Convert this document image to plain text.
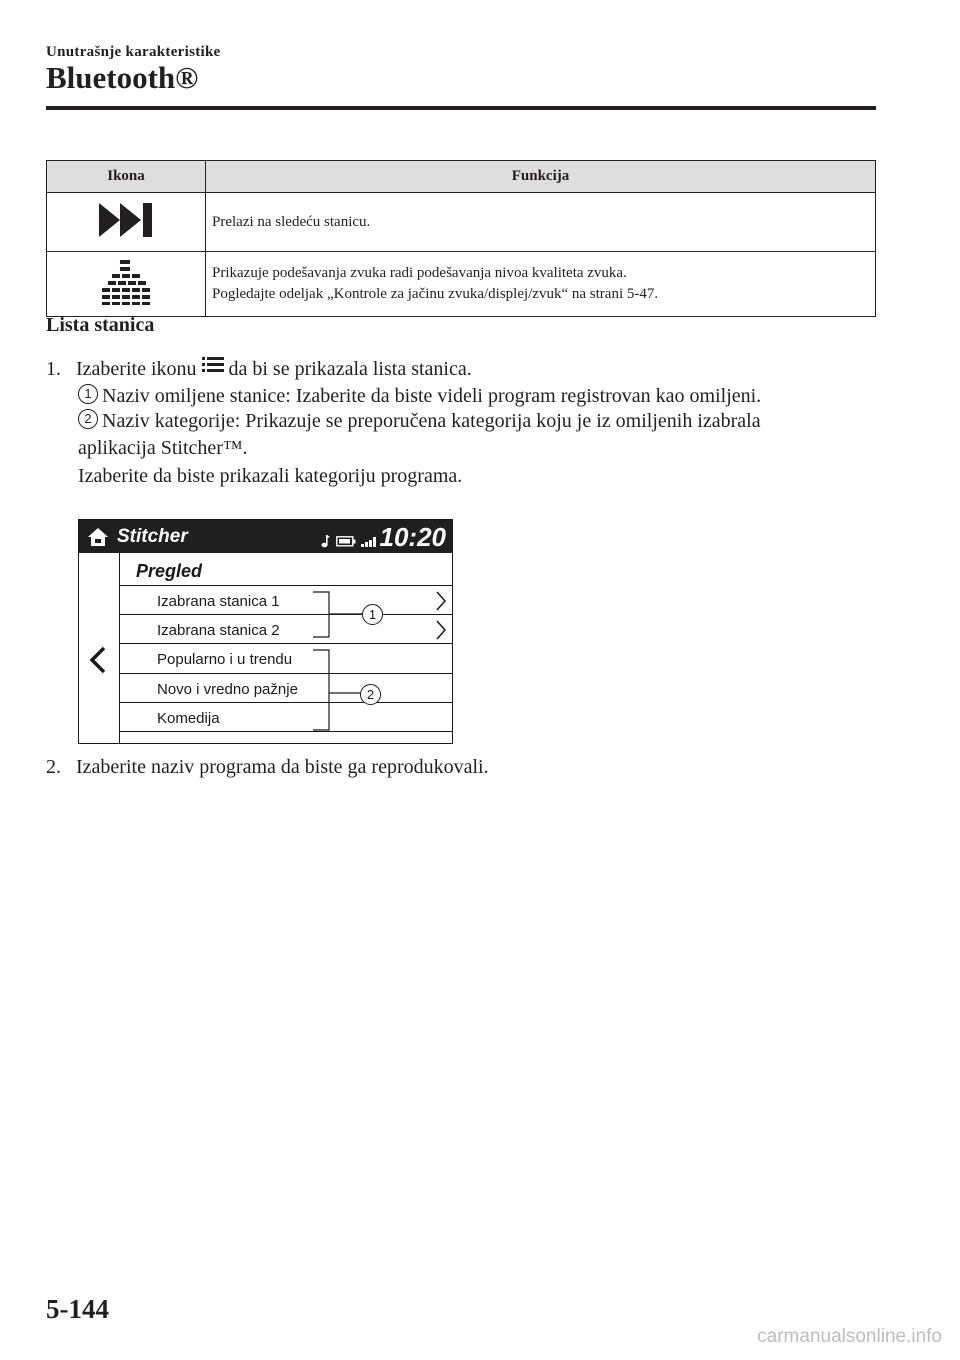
Unutrašnje karakteristike
Bluetooth®
Ikona	Funkcija
	Prelazi na sledeću stanicu.

Prikazuje podešavanja zvuka radi podešavanja nivoa kvaliteta zvuka.
Pogledajte odeljak „Kontrole za jačinu zvuka/displej/zvuk“ na strani 5-47.
Lista stanica
1. Izaberite ikonu da bi se prikazala lista stanica.
1 Naziv omiljene stanice: Izaberite da biste videli program registrovan kao omiljeni.
2 Naziv kategorije: Prikazuje se preporučena kategorija koju je iz omiljenih izabrala
aplikacija Stitcher™.
Izaberite da biste prikazali kategoriju programa.
Stitcher	10:20
Pregled
Izabrana stanica 1
Izabrana stanica 2
Popularno i u trendu
Novo i vredno pažnje
Komedija
1
2
2. Izaberite naziv programa da biste ga reprodukovali.
5-144
carmanualsonline.info
